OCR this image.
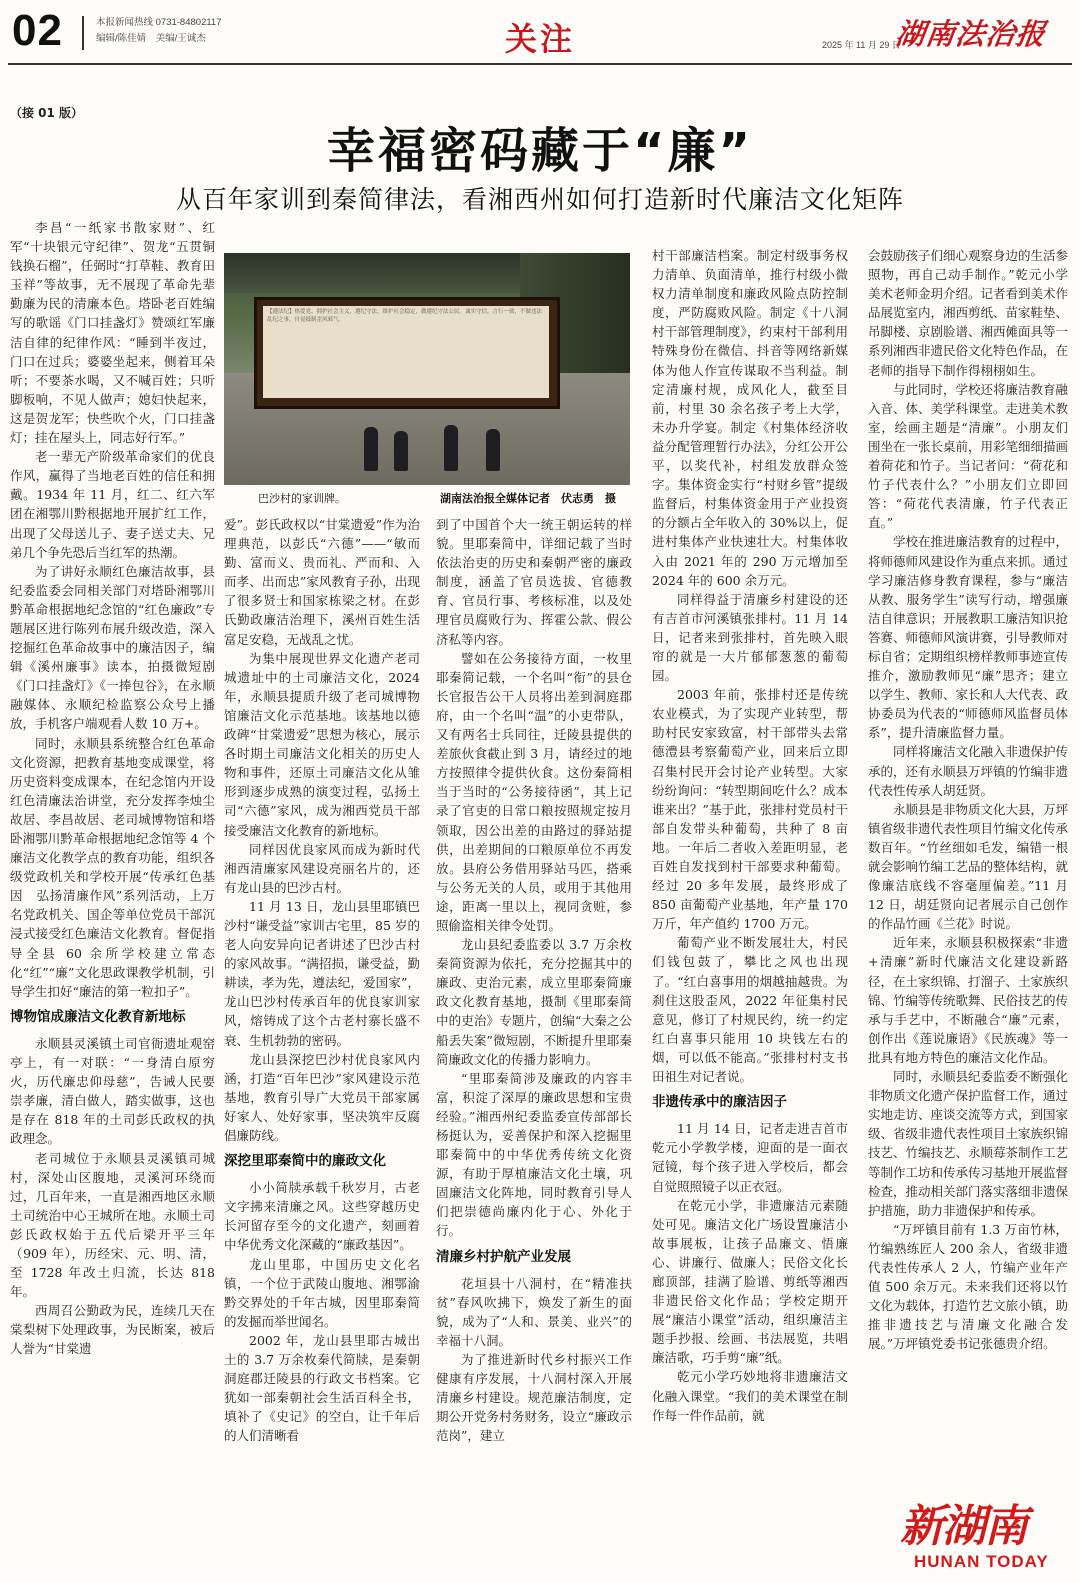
02	本报新闻热线 0731-84802117
编辑/陈佳婧　美编/王诚杰	关注	2025 年 11 月 29 日
湖南法治报
（接 01 版）
幸福密码藏于“廉”
从百年家训到秦简律法，看湘西州如何打造新时代廉洁文化矩阵
【遵法纪】热爱党、拥护社会主义，遵纪守法，维护社会稳定，做遵纪守法公民。诚实守信，言行一致，不做违法乱纪之事，自觉抵制歪风邪气。
巴沙村的家训牌。	湖南法治报全媒体记者　伏志勇　摄

李昌“一纸家书散家财”、红军“十块银元守纪律”、贺龙“五贯铜钱换石榴”，任弼时“打草鞋、教育田玉祥”等故事，无不展现了革命先辈勤廉为民的清廉本色。塔卧老百姓编写的歌谣《门口挂盏灯》赞颂红军廉洁自律的纪律作风：“睡到半夜过，门口在过兵；婆婆坐起来，侧着耳朵听；不要茶水喝，又不喊百姓；只听脚板响，不见人做声；媳妇快起来，这是贺龙军；快些吹个火，门口挂盏灯；挂在屋头上，同志好行军。”

老一辈无产阶级革命家们的优良作风，赢得了当地老百姓的信任和拥戴。1934 年 11 月，红二、红六军团在湘鄂川黔根据地开展扩红工作，出现了父母送儿子、妻子送丈夫、兄弟几个争先恐后当红军的热潮。

为了讲好永顺红色廉洁故事，县纪委监委会同相关部门对塔卧湘鄂川黔革命根据地纪念馆的“红色廉政”专题展区进行陈列布展升级改造，深入挖掘红色革命故事中的廉洁因子，编辑《溪州廉事》读本，拍摄微短剧《门口挂盏灯》《一捧包谷》，在永顺融媒体、永顺纪检监察公众号上播放，手机客户端观看人数 10 万+。

同时，永顺县系统整合红色革命文化资源，把教育基地变成课堂，将历史资料变成课本，在纪念馆内开设红色清廉法治讲堂，充分发挥李烛尘故居、李昌故居、老司城博物馆和塔卧湘鄂川黔革命根据地纪念馆等 4 个廉洁文化教学点的教育功能，组织各级党政机关和学校开展“传承红色基因　弘扬清廉作风”系列活动，上万名党政机关、国企等单位党员干部沉浸式接受红色廉洁文化教育。督促指导全县 60 余所学校建立常态化“红”“廉”文化思政课教学机制，引导学生扣好“廉洁的第一粒扣子”。

博物馆成廉洁文化教育新地标

永顺县灵溪镇土司官衙遗址观窑亭上，有一对联：“一身清白原穷火，历代廉忠仰母慈”，告诫人民要崇孝廉，清白做人，踏实做事，这也是存在 818 年的土司彭氏政权的执政理念。

老司城位于永顺县灵溪镇司城村，深处山区腹地，灵溪河环绕而过，几百年来，一直是湘西地区永顺土司统治中心王城所在地。永顺土司彭氏政权始于五代后梁开平三年（909 年），历经宋、元、明、清，至 1728 年改土归流，长达 818 年。

西周召公勤政为民，连续几天在棠梨树下处理政事，为民断案，被后人誉为“甘棠遗

爱”。彭氏政权以“甘棠遗爱”作为治理典范，以彭氏“六德”——“敏而勤、富而义、贵而礼、严而和、入而孝、出而忠”家风教育子孙，出现了很多贤士和国家栋梁之材。在彭氏勤政廉洁治理下，溪州百姓生活富足安稳，无战乱之忧。

为集中展现世界文化遗产老司城遗址中的土司廉洁文化，2024 年，永顺县提质升级了老司城博物馆廉洁文化示范基地。该基地以德政碑“甘棠遗爱”思想为核心，展示各时期土司廉洁文化相关的历史人物和事件，还原土司廉洁文化从雏形到逐步成熟的演变过程，弘扬土司“六德”家风，成为湘西党员干部接受廉洁文化教育的新地标。

同样因优良家风而成为新时代湘西清廉家风建设亮丽名片的，还有龙山县的巴沙古村。

11 月 13 日，龙山县里耶镇巴沙村“谦受益”家训古宅里，85 岁的老人向安异向记者讲述了巴沙古村的家风故事。“满招损，谦受益，勤耕读，孝为先，遵法纪，爱国家”，龙山巴沙村传承百年的优良家训家风，熔铸成了这个古老村寨长盛不衰、生机勃勃的密码。

龙山县深挖巴沙村优良家风内涵，打造“百年巴沙”家风建设示范基地，教育引导广大党员干部家属好家人、处好家事，坚决筑牢反腐倡廉防线。

深挖里耶秦简中的廉政文化

小小简牍承载千秋岁月，古老文字拂来清廉之风。这些穿越历史长河留存至今的文化遗产，刻画着中华优秀文化深藏的“廉政基因”。

龙山里耶，中国历史文化名镇，一个位于武陵山腹地、湘鄂渝黔交界处的千年古城，因里耶秦简的发掘而举世闻名。

2002 年，龙山县里耶古城出土的 3.7 万余枚秦代简牍，是秦朝洞庭郡迁陵县的行政文书档案。它犹如一部秦朝社会生活百科全书，填补了《史记》的空白，让千年后的人们清晰看

到了中国首个大一统王朝运转的样貌。里耶秦简中，详细记载了当时依法治吏的历史和秦朝严密的廉政制度，涵盖了官员选拔、官德教育、官员行事、考核标准，以及处理官员腐败行为、挥霍公款、假公济私等内容。

譬如在公务接待方面，一枚里耶秦简记载，一个名叫“衔”的县仓长官报告公干人员将出差到洞庭郡府，由一个名叫“温”的小吏带队，又有两名士兵同往，迁陵县提供的差旅伙食截止到 3 月，请经过的地方按照律令提供伙食。这份秦简相当于当时的“公务接待函”，其上记录了官吏的日常口粮按照规定按月领取，因公出差的由路过的驿站提供，出差期间的口粮原单位不再发放。县府公务借用驿站马匹，搭乘与公务无关的人员，或用于其他用途，距离一里以上，视同贪赃，参照偷盗相关律令处罚。

龙山县纪委监委以 3.7 万余枚秦简资源为依托，充分挖掘其中的廉政、吏治元素，成立里耶秦简廉政文化教育基地，摄制《里耶秦简中的吏治》专题片，创编“大秦之公船丢失案”微短剧，不断提升里耶秦简廉政文化的传播力影响力。

“里耶秦简涉及廉政的内容丰富，积淀了深厚的廉政思想和宝贵经验。”湘西州纪委监委宣传部部长杨挺认为，妥善保护和深入挖掘里耶秦简中的中华优秀传统文化资源，有助于厚植廉洁文化土壤，巩固廉洁文化阵地，同时教育引导人们把崇德尚廉内化于心、外化于行。

清廉乡村护航产业发展

花垣县十八洞村，在“精准扶贫”春风吹拂下，焕发了新生的面貌，成为了“人和、景美、业兴”的幸福十八洞。

为了推进新时代乡村振兴工作健康有序发展，十八洞村深入开展清廉乡村建设。规范廉洁制度，定期公开党务村务财务，设立“廉政示范岗”，建立

村干部廉洁档案。制定村级事务权力清单、负面清单，推行村级小微权力清单制度和廉政风险点防控制度，严防腐败风险。制定《十八洞村干部管理制度》，约束村干部利用特殊身份在微信、抖音等网络新媒体为他人作宣传谋取不当利益。制定清廉村规，成风化人，截至目前，村里 30 余名孩子考上大学，未办升学宴。制定《村集体经济收益分配管理暂行办法》，分红公开公平，以奖代补，村组发放群众签字。集体资金实行“村财乡管”提级监督后，村集体资金用于产业投资的分额占全年收入的 30%以上，促进村集体产业快速壮大。村集体收入由 2021 年的 290 万元增加至 2024 年的 600 余万元。

同样得益于清廉乡村建设的还有吉首市河溪镇张排村。11 月 14 日，记者来到张排村，首先映入眼帘的就是一大片郁郁葱葱的葡萄园。

2003 年前，张排村还是传统农业模式，为了实现产业转型，帮助村民安家致富，村干部带头去常德澧县考察葡萄产业，回来后立即召集村民开会讨论产业转型。大家纷纷询问：“转型期间吃什么？成本谁来出？”基于此，张排村党员村干部自发带头种葡萄，共种了 8 亩地。一年后二者收入差距明显，老百姓自发找到村干部要求种葡萄。经过 20 多年发展，最终形成了 850 亩葡萄产业基地，年产量 170 万斤，年产值约 1700 万元。

葡萄产业不断发展壮大，村民们钱包鼓了，攀比之风也出现了。“红白喜事用的烟越抽越贵。为刹住这股歪风，2022 年征集村民意见，修订了村规民约，统一约定红白喜事只能用 10 块钱左右的烟，可以低不能高。”张排村村支书田祖生对记者说。

非遗传承中的廉洁因子

11 月 14 日，记者走进吉首市乾元小学教学楼，迎面的是一面衣冠镜，每个孩子进入学校后，都会自觉照照镜子以正衣冠。

在乾元小学，非遗廉洁元素随处可见。廉洁文化广场设置廉洁小故事展板，让孩子品廉文、悟廉心、讲廉行、做廉人；民俗文化长廊顶部，挂满了脸谱、剪纸等湘西非遗民俗文化作品；学校定期开展“廉洁小课堂”活动，组织廉洁主题手抄报、绘画、书法展览，共唱廉洁歌，巧手剪“廉”纸。

乾元小学巧妙地将非遗廉洁文化融入课堂。“我们的美术课堂在制作每一件作品前，就

会鼓励孩子们细心观察身边的生活参照物，再自己动手制作。”乾元小学美术老师金玥介绍。记者看到美术作品展览室内，湘西剪纸、苗家鞋垫、吊脚楼、京剧脸谱、湘西傩面具等一系列湘西非遗民俗文化特色作品，在老师的指导下制作得栩栩如生。

与此同时，学校还将廉洁教育融入音、体、美学科课堂。走进美术教室，绘画主题是“清廉”。小朋友们围坐在一张长桌前，用彩笔细细描画着荷花和竹子。当记者问：“荷花和竹子代表什么？”小朋友们立即回答：“荷花代表清廉，竹子代表正直。”

学校在推进廉洁教育的过程中，将师德师风建设作为重点来抓。通过学习廉洁修身教育课程，参与“廉洁从教、服务学生”读写行动，增强廉洁自律意识；开展教职工廉洁知识抢答赛、师德师风演讲赛，引导教师对标自省；定期组织榜样教师事迹宣传推介，激励教师见“廉”思齐；建立以学生、教师、家长和人大代表、政协委员为代表的“师德师风监督员体系”，提升清廉监督力量。

同样将廉洁文化融入非遗保护传承的，还有永顺县万坪镇的竹编非遗代表性传承人胡廷贤。

永顺县是非物质文化大县，万坪镇省级非遗代表性项目竹编文化传承数百年。“竹丝细如毛发，编错一根就会影响竹编工艺品的整体结构，就像廉洁底线不容毫厘偏差。”11 月 12 日，胡廷贤向记者展示自己创作的作品竹画《兰花》时说。

近年来，永顺县积极探索“非遗+清廉”新时代廉洁文化建设新路径，在土家织锦、打溜子、土家族织锦、竹编等传统歌舞、民俗技艺的传承与手艺中，不断融合“廉”元素，创作出《莲说廉语》《民族魂》等一批具有地方特色的廉洁文化作品。

同时，永顺县纪委监委不断强化非物质文化遗产保护监督工作，通过实地走访、座谈交流等方式，到国家级、省级非遗代表性项目土家族织锦技艺、竹编技艺、永顺莓茶制作工艺等制作工坊和传承传习基地开展监督检查，推动相关部门落实落细非遗保护措施，助力非遗保护和传承。

“万坪镇目前有 1.3 万亩竹林，竹编熟练匠人 200 余人，省级非遗代表性传承人 2 人，竹编产业年产值 500 余万元。未来我们还将以竹文化为载体，打造竹艺文旅小镇，助推非遗技艺与清廉文化融合发展。”万坪镇党委书记张德贵介绍。

新湖南
HUNAN TODAY
